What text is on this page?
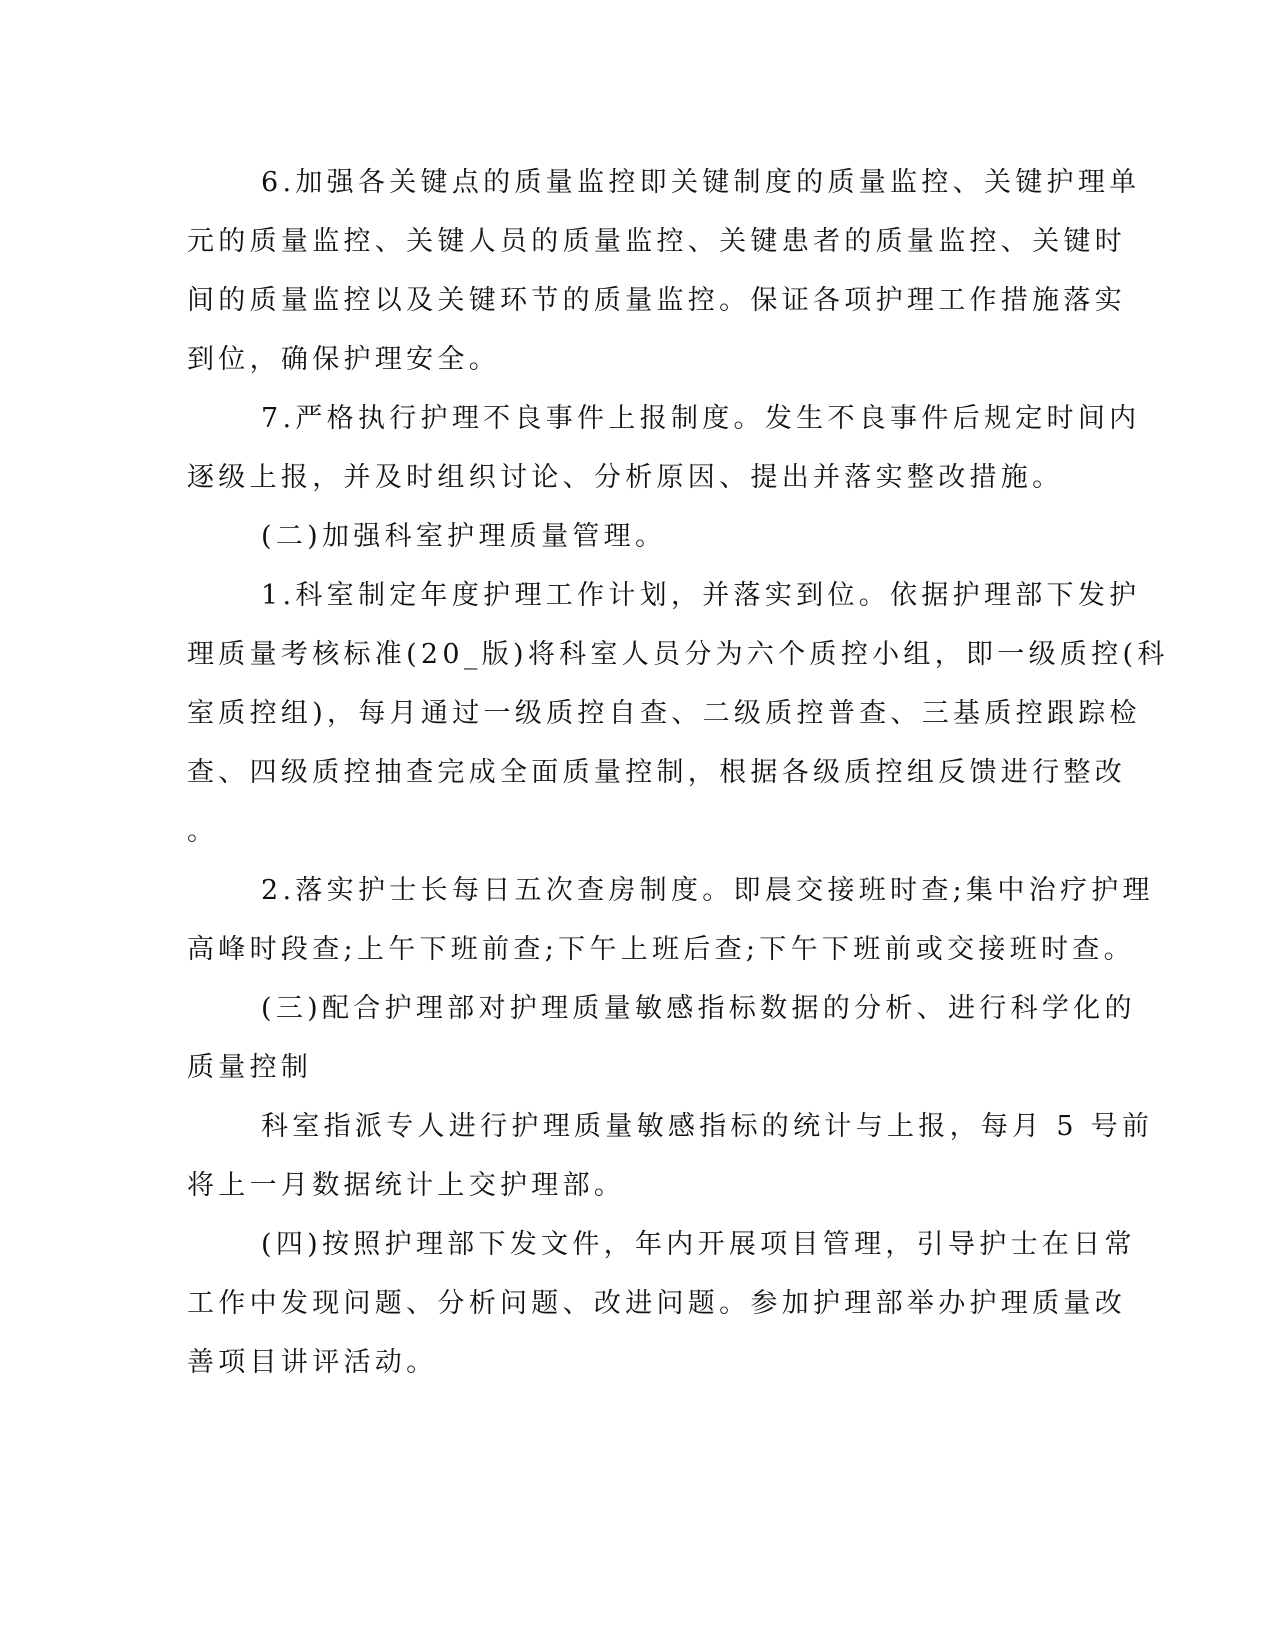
6.加强各关键点的质量监控即关键制度的质量监控、关键护理单
元的质量监控、关键人员的质量监控、关键患者的质量监控、关键时
间的质量监控以及关键环节的质量监控。保证各项护理工作措施落实
到位，确保护理安全。
7.严格执行护理不良事件上报制度。发生不良事件后规定时间内
逐级上报，并及时组织讨论、分析原因、提出并落实整改措施。
(二)加强科室护理质量管理。
1.科室制定年度护理工作计划，并落实到位。依据护理部下发护
理质量考核标准(20_版)将科室人员分为六个质控小组，即一级质控(科
室质控组)，每月通过一级质控自查、二级质控普查、三基质控跟踪检
查、四级质控抽查完成全面质量控制，根据各级质控组反馈进行整改
。
2.落实护士长每日五次查房制度。即晨交接班时查;集中治疗护理
高峰时段查;上午下班前查;下午上班后查;下午下班前或交接班时查。
(三)配合护理部对护理质量敏感指标数据的分析、进行科学化的
质量控制
科室指派专人进行护理质量敏感指标的统计与上报，每月 5 号前
将上一月数据统计上交护理部。
(四)按照护理部下发文件，年内开展项目管理，引导护士在日常
工作中发现问题、分析问题、改进问题。参加护理部举办护理质量改
善项目讲评活动。
